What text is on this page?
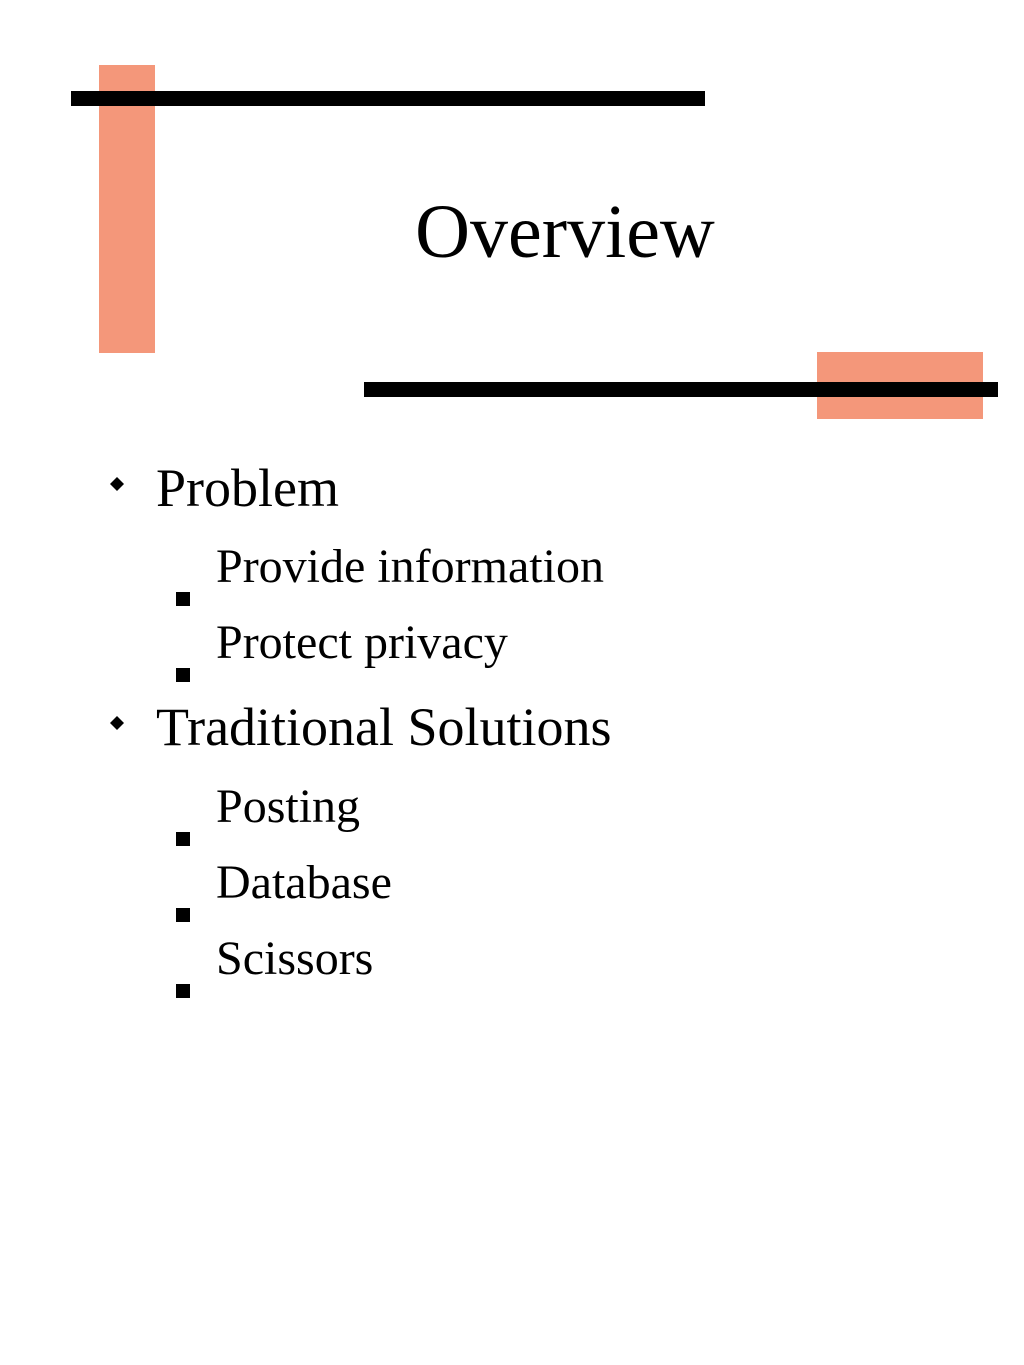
Overview
Problem
Provide information
Protect privacy
Traditional Solutions
Posting
Database
Scissors
